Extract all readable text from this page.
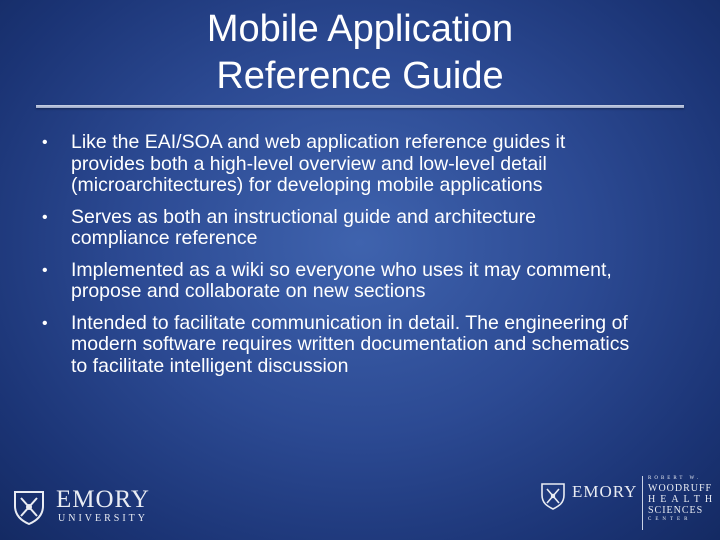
Mobile Application
Reference Guide
• Like the EAI/SOA and web application reference guides it provides both a high-level overview and low-level detail (microarchitectures) for developing mobile applications
• Serves as both an instructional guide and architecture compliance reference
• Implemented as a wiki so everyone who uses it may comment, propose and collaborate on new sections
• Intended to facilitate communication in detail. The engineering of modern software requires written documentation and schematics to facilitate intelligent discussion
EMORY
UNIVERSITY
EMORY
ROBERT W.
WOODRUFF
HEALTH
SCIENCES
CENTER
